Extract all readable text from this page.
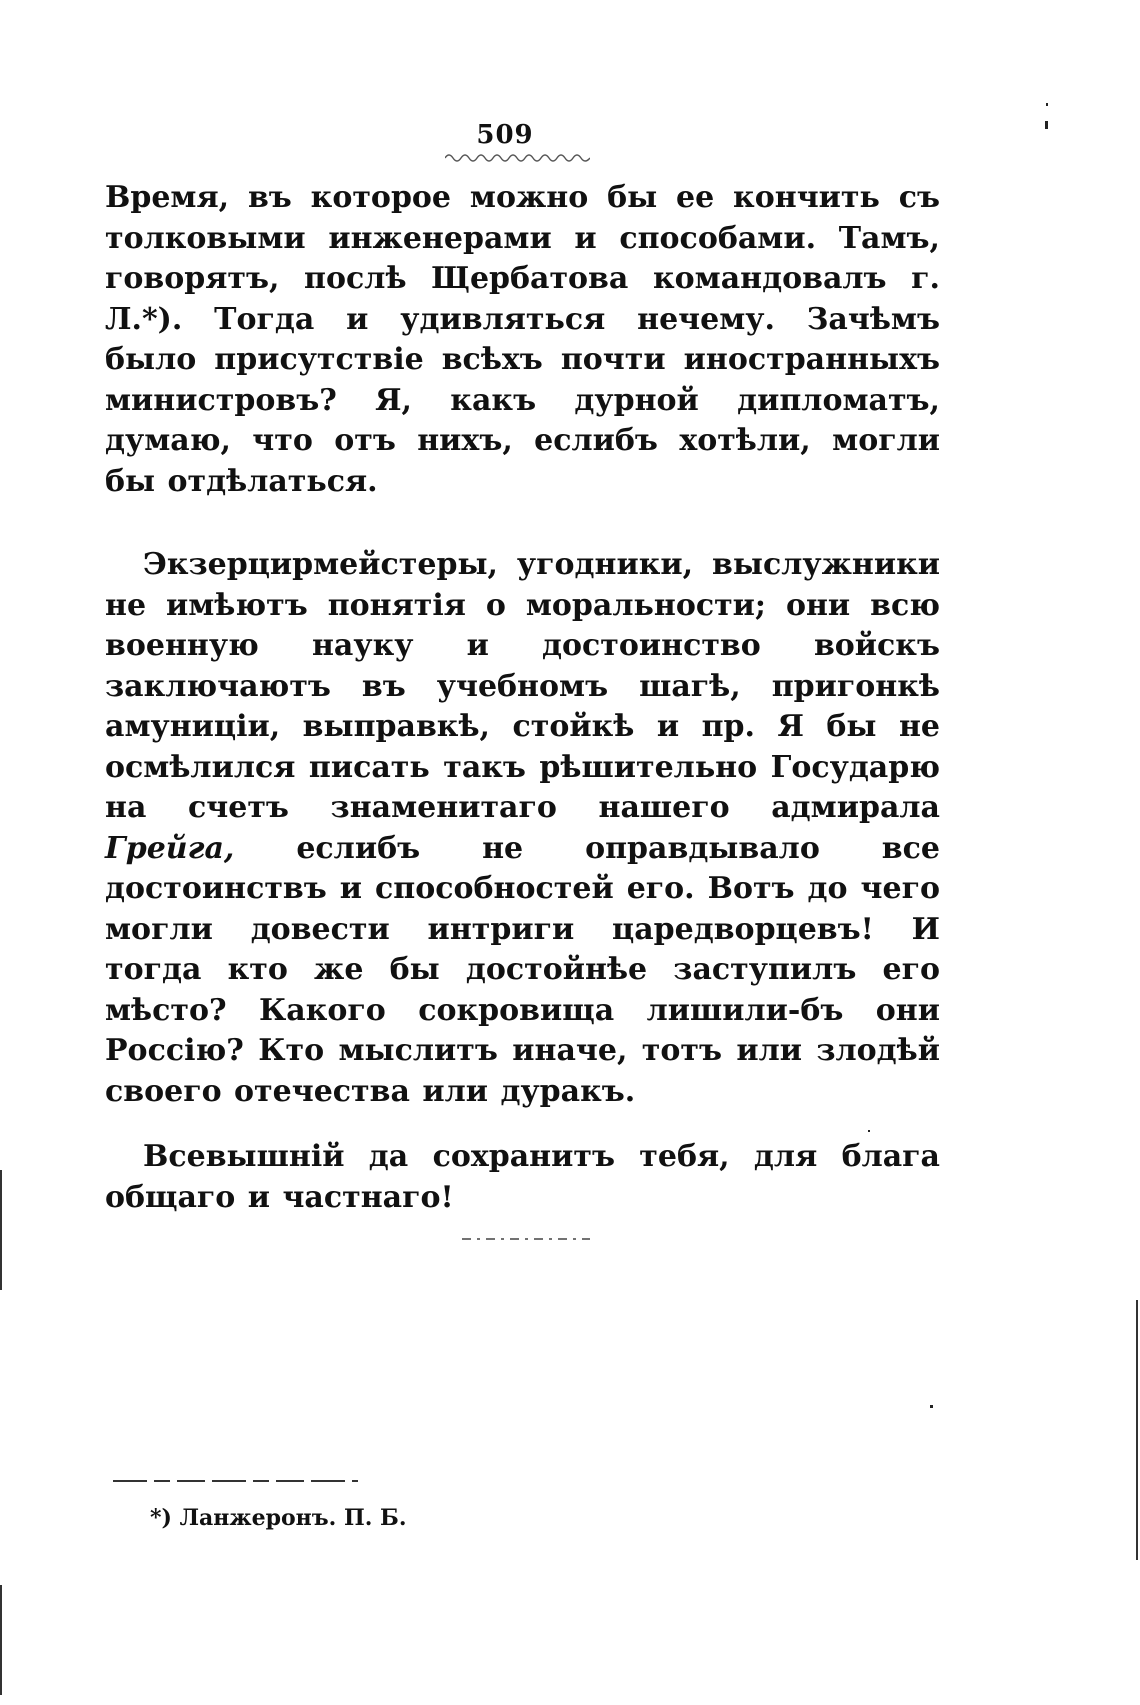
509

Время, въ которое можно бы ее кончить съ толковыми инженерами и способами. Тамъ, говорятъ, послѣ Щербатова командовалъ г. Л.*). Тогда и удивляться нечему. Зачѣмъ было присутствіе всѣхъ почти иностранныхъ министровъ? Я, какъ дурной дипломатъ, думаю, что отъ нихъ, еслибъ хотѣли, могли бы отдѣлаться.

Экзерцирмейстеры, угодники, выслужники не имѣютъ понятія о моральности; они всю военную науку и достоинство войскъ заключаютъ въ учебномъ шагѣ, пригонкѣ амуниціи, выправкѣ, стойкѣ и пр. Я бы не осмѣлился писать такъ рѣшительно Государю на счетъ знаменитаго нашего адмирала Грейга, еслибъ не оправдывало все достоинствъ и способностей его. Вотъ до чего могли довести интриги царедворцевъ! И тогда кто же бы достойнѣе заступилъ его мѣсто? Какого сокровища лишили-бъ они Россію? Кто мыслитъ иначе, тотъ или злодѣй своего отечества или дуракъ.

Всевышній да сохранитъ тебя, для блага общаго и частнаго!

*) Ланжеронъ. П. Б.
